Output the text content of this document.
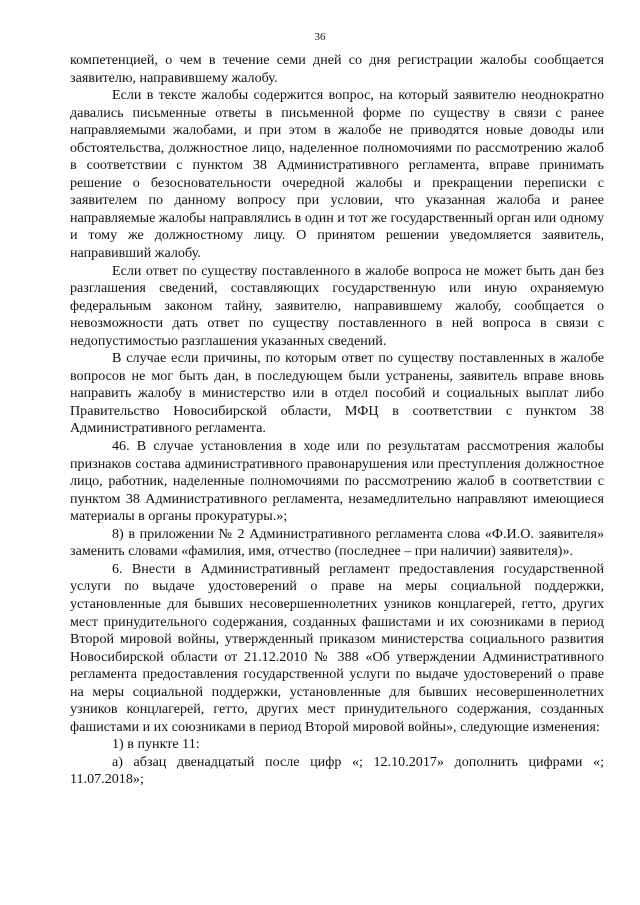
36

компетенцией, о чем в течение семи дней со дня регистрации жалобы сообщается заявителю, направившему жалобу.

Если в тексте жалобы содержится вопрос, на который заявителю неоднократно давались письменные ответы в письменной форме по существу в связи с ранее направляемыми жалобами, и при этом в жалобе не приводятся новые доводы или обстоятельства, должностное лицо, наделенное полномочиями по рассмотрению жалоб в соответствии с пунктом 38 Административного регламента, вправе принимать решение о безосновательности очередной жалобы и прекращении переписки с заявителем по данному вопросу при условии, что указанная жалоба и ранее направляемые жалобы направлялись в один и тот же государственный орган или одному и тому же должностному лицу. О принятом решении уведомляется заявитель, направивший жалобу.

Если ответ по существу поставленного в жалобе вопроса не может быть дан без разглашения сведений, составляющих государственную или иную охраняемую федеральным законом тайну, заявителю, направившему жалобу, сообщается о невозможности дать ответ по существу поставленного в ней вопроса в связи с недопустимостью разглашения указанных сведений.

В случае если причины, по которым ответ по существу поставленных в жалобе вопросов не мог быть дан, в последующем были устранены, заявитель вправе вновь направить жалобу в министерство или в отдел пособий и социальных выплат либо Правительство Новосибирской области, МФЦ в соответствии с пунктом 38 Административного регламента.

46. В случае установления в ходе или по результатам рассмотрения жалобы признаков состава административного правонарушения или преступления должностное лицо, работник, наделенные полномочиями по рассмотрению жалоб в соответствии с пунктом 38 Административного регламента, незамедлительно направляют имеющиеся материалы в органы прокуратуры.»;

8) в приложении № 2 Административного регламента слова «Ф.И.О. заявителя» заменить словами «фамилия, имя, отчество (последнее – при наличии) заявителя)».

6. Внести в Административный регламент предоставления государственной услуги по выдаче удостоверений о праве на меры социальной поддержки, установленные для бывших несовершеннолетних узников концлагерей, гетто, других мест принудительного содержания, созданных фашистами и их союзниками в период Второй мировой войны, утвержденный приказом министерства социального развития Новосибирской области от 21.12.2010 № 388 «Об утверждении Административного регламента предоставления государственной услуги по выдаче удостоверений о праве на меры социальной поддержки, установленные для бывших несовершеннолетних узников концлагерей, гетто, других мест принудительного содержания, созданных фашистами и их союзниками в период Второй мировой войны», следующие изменения:

1) в пункте 11:

а) абзац двенадцатый после цифр «; 12.10.2017» дополнить цифрами «; 11.07.2018»;
